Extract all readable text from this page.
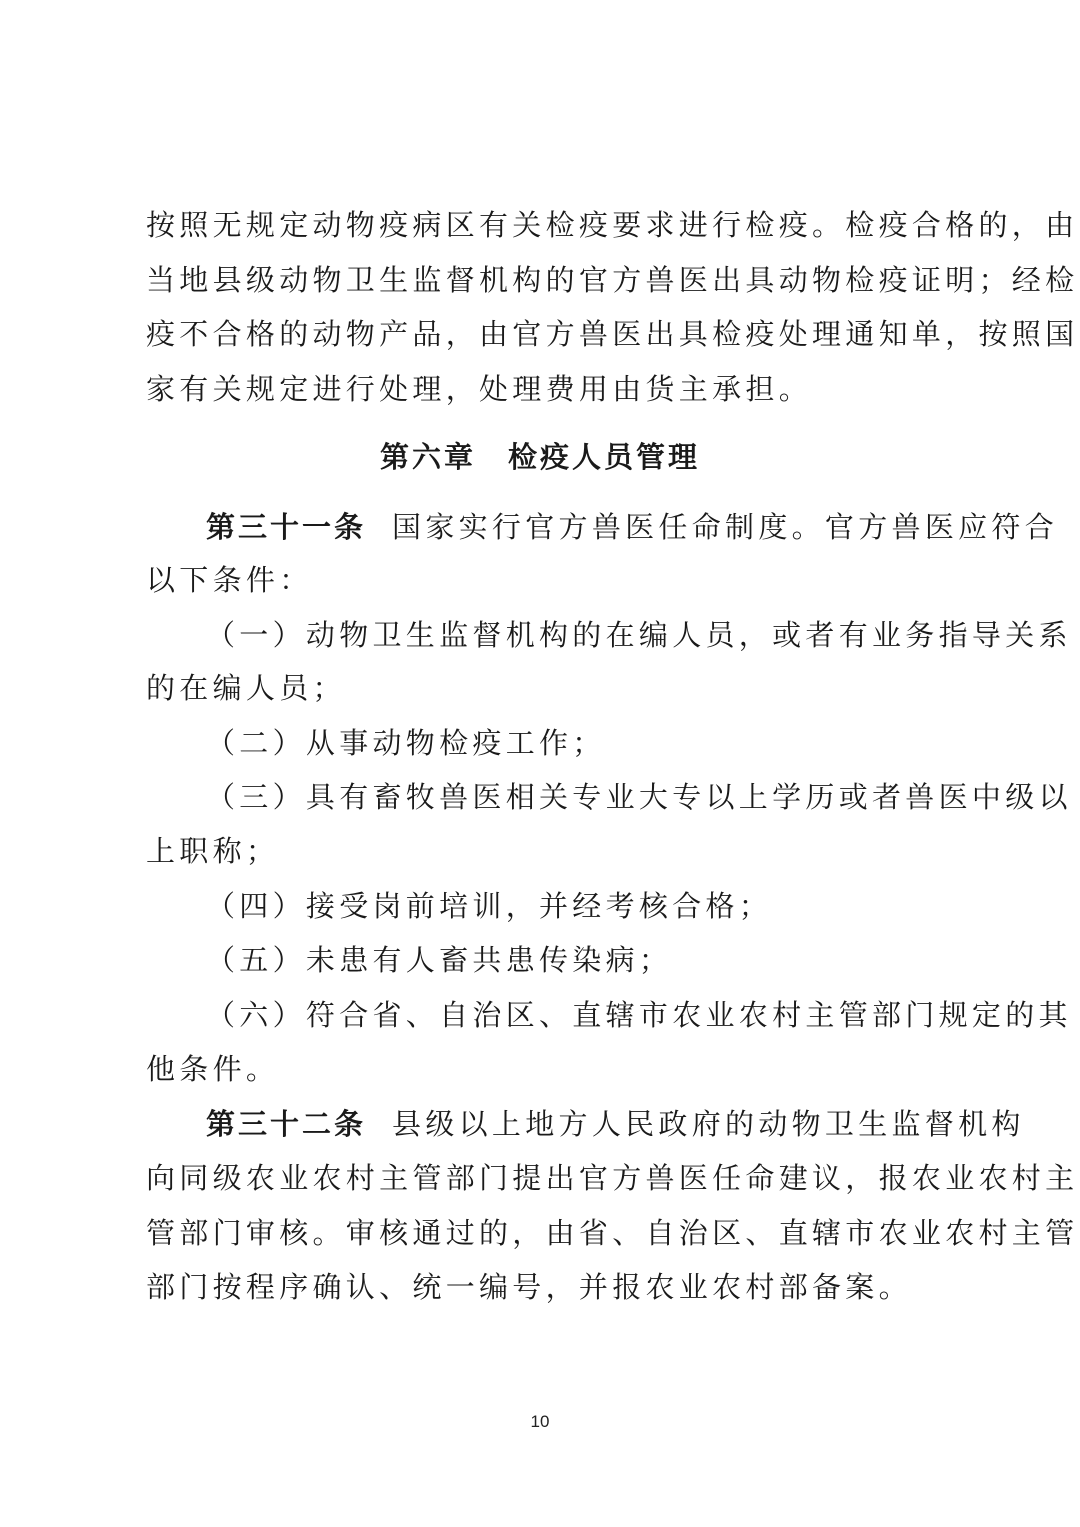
按照无规定动物疫病区有关检疫要求进行检疫。检疫合格的，由
当地县级动物卫生监督机构的官方兽医出具动物检疫证明；经检
疫不合格的动物产品，由官方兽医出具检疫处理通知单，按照国
家有关规定进行处理，处理费用由货主承担。
第六章　检疫人员管理
第三十一条 国家实行官方兽医任命制度。官方兽医应符合
以下条件：
（一）动物卫生监督机构的在编人员，或者有业务指导关系
的在编人员；
（二）从事动物检疫工作；
（三）具有畜牧兽医相关专业大专以上学历或者兽医中级以
上职称；
（四）接受岗前培训，并经考核合格；
（五）未患有人畜共患传染病；
（六）符合省、自治区、直辖市农业农村主管部门规定的其
他条件。
第三十二条 县级以上地方人民政府的动物卫生监督机构
向同级农业农村主管部门提出官方兽医任命建议，报农业农村主
管部门审核。审核通过的，由省、自治区、直辖市农业农村主管
部门按程序确认、统一编号，并报农业农村部备案。
10
